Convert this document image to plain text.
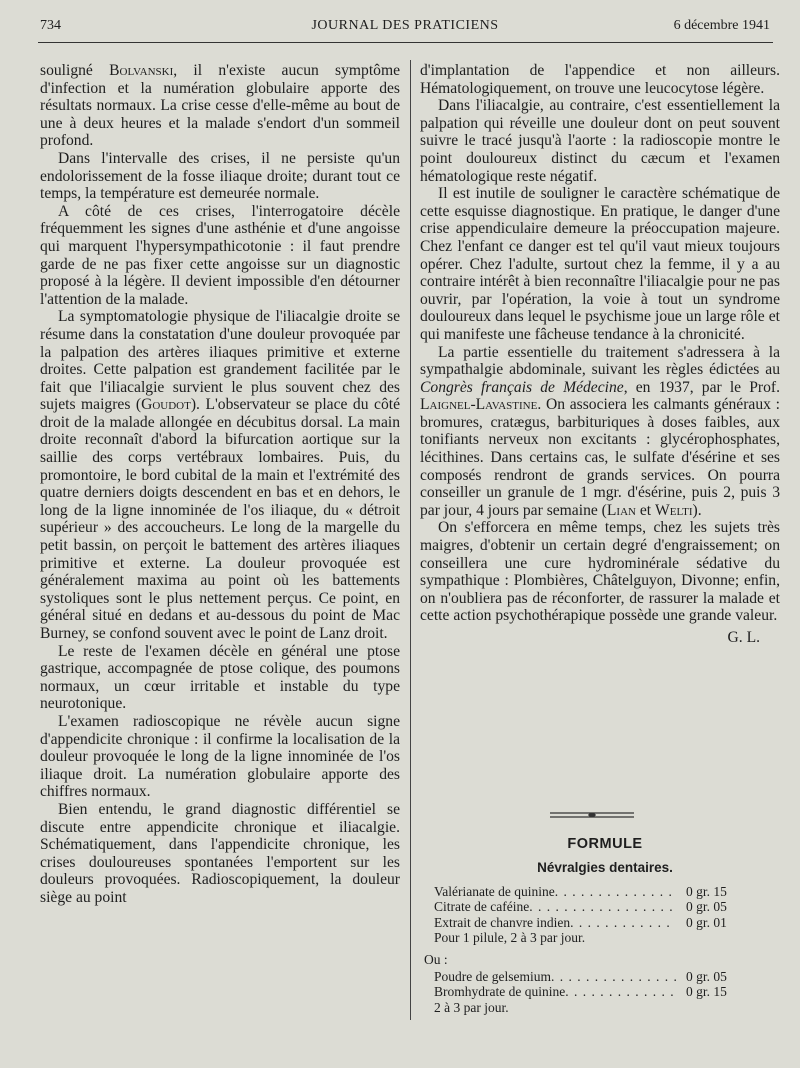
734	JOURNAL DES PRATICIENS	6 décembre 1941

souligné Bolvanski, il n'existe aucun symptôme d'infection et la numération globulaire apporte des résultats normaux. La crise cesse d'elle-même au bout de une à deux heures et la malade s'endort d'un sommeil profond.

Dans l'intervalle des crises, il ne persiste qu'un endolorissement de la fosse iliaque droite; durant tout ce temps, la température est demeurée normale.

A côté de ces crises, l'interrogatoire décèle fréquemment les signes d'une asthénie et d'une angoisse qui marquent l'hypersympathicotonie : il faut prendre garde de ne pas fixer cette angoisse sur un diagnostic proposé à la légère. Il devient impossible d'en détourner l'attention de la malade.

La symptomatologie physique de l'iliacalgie droite se résume dans la constatation d'une douleur provoquée par la palpation des artères iliaques primitive et externe droites. Cette palpation est grandement facilitée par le fait que l'iliacalgie survient le plus souvent chez des sujets maigres (Goudot). L'observateur se place du côté droit de la malade allongée en décubitus dorsal. La main droite reconnaît d'abord la bifurcation aortique sur la saillie des corps vertébraux lombaires. Puis, du promontoire, le bord cubital de la main et l'extrémité des quatre derniers doigts descendent en bas et en dehors, le long de la ligne innominée de l'os iliaque, du « détroit supérieur » des accoucheurs. Le long de la margelle du petit bassin, on perçoit le battement des artères iliaques primitive et externe. La douleur provoquée est généralement maxima au point où les battements systoliques sont le plus nettement perçus. Ce point, en général situé en dedans et au-dessous du point de Mac Burney, se confond souvent avec le point de Lanz droit.

Le reste de l'examen décèle en général une ptose gastrique, accompagnée de ptose colique, des poumons normaux, un cœur irritable et instable du type neurotonique.

L'examen radioscopique ne révèle aucun signe d'appendicite chronique : il confirme la localisation de la douleur provoquée le long de la ligne innominée de l'os iliaque droit. La numération globulaire apporte des chiffres normaux.

Bien entendu, le grand diagnostic différentiel se discute entre appendicite chronique et iliacalgie. Schématiquement, dans l'appendicite chronique, les crises douloureuses spontanées l'emportent sur les douleurs provoquées. Radioscopiquement, la douleur siège au point

d'implantation de l'appendice et non ailleurs. Hématologiquement, on trouve une leucocytose légère.

Dans l'iliacalgie, au contraire, c'est essentiellement la palpation qui réveille une douleur dont on peut souvent suivre le tracé jusqu'à l'aorte : la radioscopie montre le point douloureux distinct du cæcum et l'examen hématologique reste négatif.

Il est inutile de souligner le caractère schématique de cette esquisse diagnostique. En pratique, le danger d'une crise appendiculaire demeure la préoccupation majeure. Chez l'enfant ce danger est tel qu'il vaut mieux toujours opérer. Chez l'adulte, surtout chez la femme, il y a au contraire intérêt à bien reconnaître l'iliacalgie pour ne pas ouvrir, par l'opération, la voie à tout un syndrome douloureux dans lequel le psychisme joue un large rôle et qui manifeste une fâcheuse tendance à la chronicité.

La partie essentielle du traitement s'adressera à la sympathalgie abdominale, suivant les règles édictées au Congrès français de Médecine, en 1937, par le Prof. Laignel-Lavastine. On associera les calmants généraux : bromures, cratægus, barbituriques à doses faibles, aux tonifiants nerveux non excitants : glycérophosphates, lécithines. Dans certains cas, le sulfate d'ésérine et ses composés rendront de grands services. On pourra conseiller un granule de 1 mgr. d'ésérine, puis 2, puis 3 par jour, 4 jours par semaine (Lian et Welti).

On s'efforcera en même temps, chez les sujets très maigres, d'obtenir un certain degré d'engraissement; on conseillera une cure hydrominérale sédative du sympathique : Plombières, Châtelguyon, Divonne; enfin, on n'oubliera pas de réconforter, de rassurer la malade et cette action psychothérapique possède une grande valeur.

G. L.

FORMULE
Névralgies dentaires.
Valérianate de quinine . . .	0 gr. 15
Citrate de caféine . . .	0 gr. 05
Extrait de chanvre indien . . .	0 gr. 01
Pour 1 pilule, 2 à 3 par jour.
Ou :
Poudre de gelsemium . . .	0 gr. 05
Bromhydrate de quinine . . .	0 gr. 15
2 à 3 par jour.
